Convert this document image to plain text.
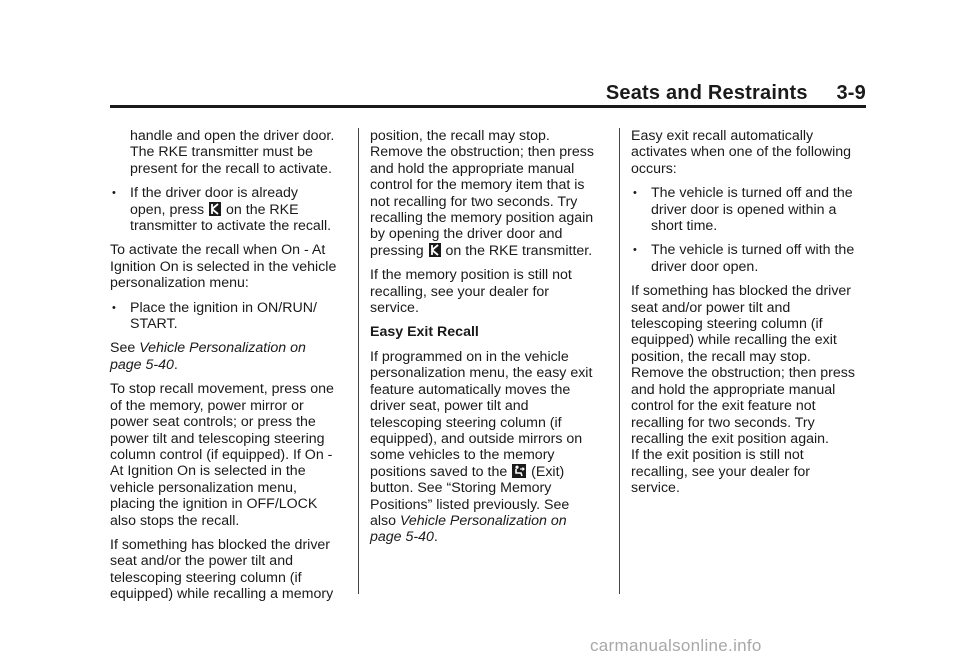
Seats and Restraints     3-9

handle and open the driver door.
The RKE transmitter must be
present for the recall to activate.

• If the driver door is already
open, press
on the RKE
transmitter to activate the recall.

To activate the recall when On - At
Ignition On is selected in the vehicle
personalization menu:

• Place the ignition in ON/RUN/
START.

See Vehicle Personalization on
page 5-40.

To stop recall movement, press one
of the memory, power mirror or
power seat controls; or press the
power tilt and telescoping steering
column control (if equipped). If On -
At Ignition On is selected in the
vehicle personalization menu,
placing the ignition in OFF/LOCK
also stops the recall.

If something has blocked the driver
seat and/or the power tilt and
telescoping steering column (if
equipped) while recalling a memory

position, the recall may stop.
Remove the obstruction; then press
and hold the appropriate manual
control for the memory item that is
not recalling for two seconds. Try
recalling the memory position again
by opening the driver door and
pressing
on the RKE transmitter.

If the memory position is still not
recalling, see your dealer for
service.

Easy Exit Recall

If programmed on in the vehicle
personalization menu, the easy exit
feature automatically moves the
driver seat, power tilt and
telescoping steering column (if
equipped), and outside mirrors on
some vehicles to the memory
positions saved to the
(Exit)
button. See “Storing Memory
Positions” listed previously. See
also Vehicle Personalization on
page 5-40.

Easy exit recall automatically
activates when one of the following
occurs:

• The vehicle is turned off and the
driver door is opened within a
short time.
• The vehicle is turned off with the
driver door open.

If something has blocked the driver
seat and/or power tilt and
telescoping steering column (if
equipped) while recalling the exit
position, the recall may stop.
Remove the obstruction; then press
and hold the appropriate manual
control for the exit feature not
recalling for two seconds. Try
recalling the exit position again.
If the exit position is still not
recalling, see your dealer for
service.

carmanualsonline.info
